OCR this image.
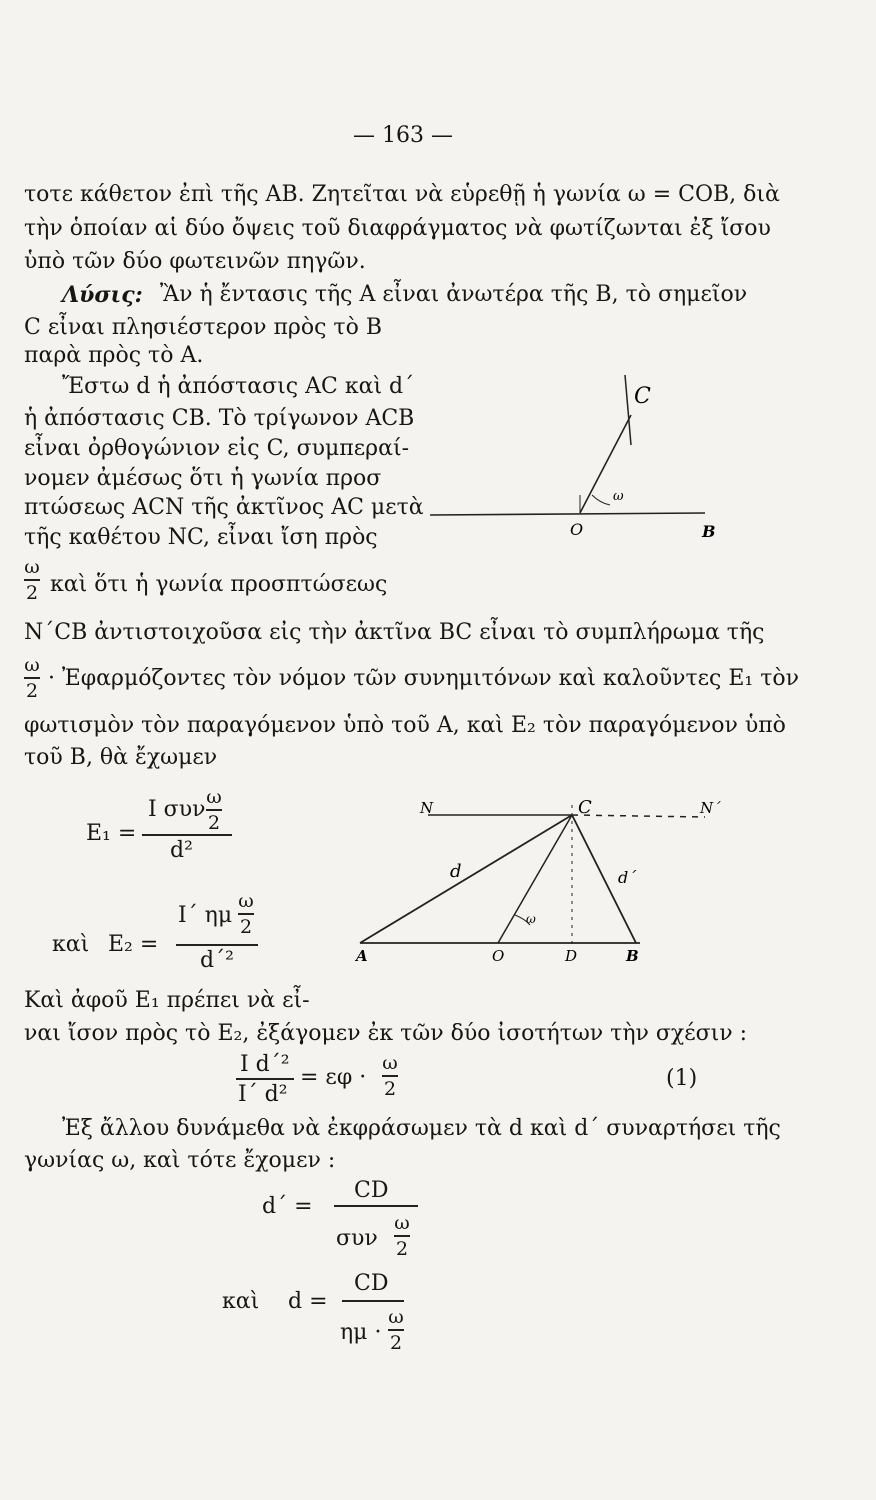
— 163 —
τοτε κάθετον ἐπὶ τῆς AB. Ζητεῖται νὰ εὑρεθῇ ἡ γωνία ω = COB, διὰ
τὴν ὁποίαν αἱ δύο ὄψεις τοῦ διαφράγματος νὰ φωτίζωνται ἐξ ἴσου
ὑπὸ τῶν δύο φωτεινῶν πηγῶν.
Λύσις: Ἂν ἡ ἔντασις τῆς A εἶναι ἀνωτέρα τῆς B, τὸ σημεῖον
C εἶναι πλησιέστερον πρὸς τὸ B
παρὰ πρὸς τὸ A.
Ἔστω d ἡ ἀπόστασις AC καὶ d΄
ἡ ἀπόστασις CB. Τὸ τρίγωνον ACB
εἶναι ὀρθογώνιον εἰς C, συμπεραί-
νομεν ἀμέσως ὅτι ἡ γωνία προσ
πτώσεως ACN τῆς ἀκτῖνος AC μετὰ
τῆς καθέτου NC, εἶναι ἴση πρὸς
ω
2 καὶ ὅτι ἡ γωνία προσπτώσεως
N΄CB ἀντιστοιχοῦσα εἰς τὴν ἀκτῖνα BC εἶναι τὸ συμπλήρωμα τῆς
ω
2 · Ἐφαρμόζοντες τὸν νόμον τῶν συνημιτόνων καὶ καλοῦντες E₁ τὸν
φωτισμὸν τὸν παραγόμενον ὑπὸ τοῦ A, καὶ E₂ τὸν παραγόμενον ὑπὸ
τοῦ B, θὰ ἔχωμεν
C
ω
O	B
E₁ =
I συν ω
2
d²
καὶ E₂ =
I΄ ημ
ω
2
d΄²
N	C	N΄
d	d΄
ω
A	O	D	B
Καὶ ἀφοῦ E₁ πρέπει νὰ εἶ-
ναι ἴσον πρὸς τὸ E₂, ἐξάγομεν ἐκ τῶν δύο ἰσοτήτων τὴν σχέσιν :
I d΄²
I΄ d²
= εφ ·
ω
2	(1)
Ἐξ ἄλλου δυνάμεθα νὰ ἐκφράσωμεν τὰ d καὶ d΄ συναρτήσει τῆς
γωνίας ω, καὶ τότε ἔχομεν :
d΄ =
CD
συν
ω
2
καὶ d =
CD
ημ ·
ω
2
